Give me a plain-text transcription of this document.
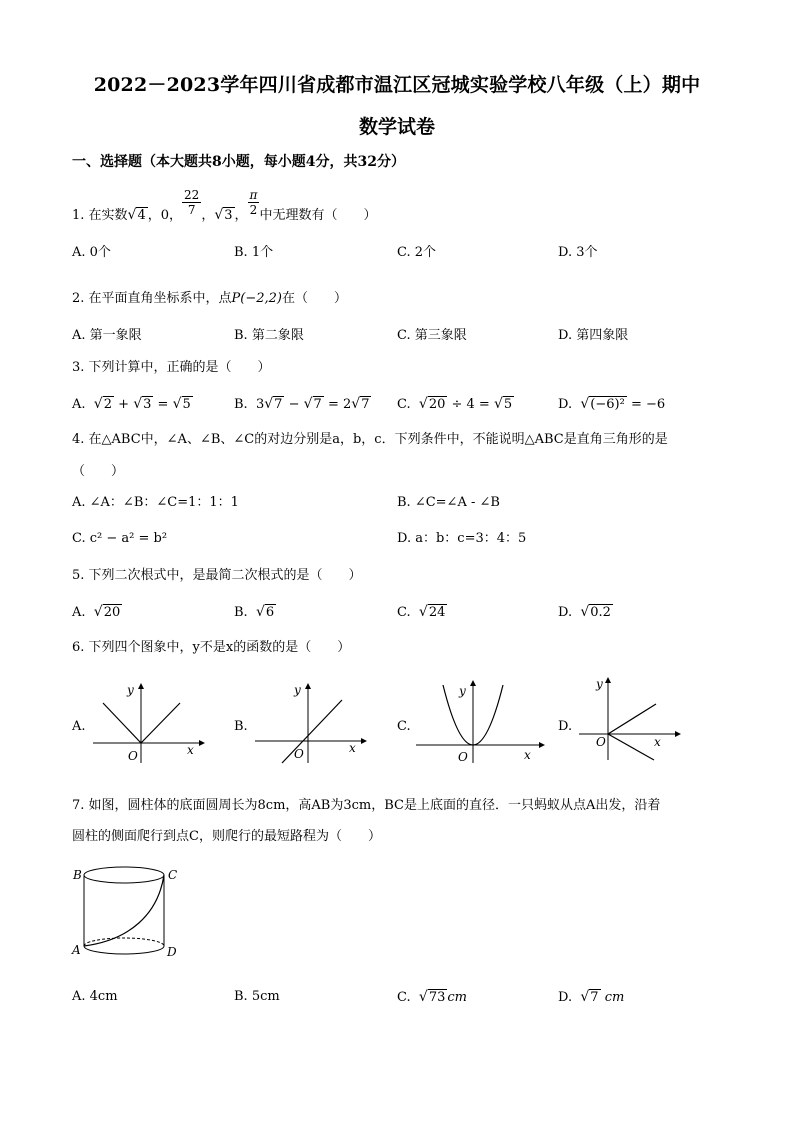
2022－2023学年四川省成都市温江区冠城实验学校八年级（上）期中
数学试卷
一、选择题（本大题共8小题，每小题4分，共32分）
1. 在实数√4 ，0， $\frac{22}{7}$ ，√3 ， $\frac{\pi}{2}$ 中无理数有（　　）
A. 0个	B. 1个	C. 2个	D. 3个
2. 在平面直角坐标系中，点P(−2,2)在（　　）
A. 第一象限	B. 第二象限	C. 第三象限	D. 第四象限
3. 下列计算中，正确的是（　　）
A. √2 + √3 = √5	B. 3√7 − √7 = 2√7 C. √20 ÷ 4 = √5	D. √(−6)² = −6
4. 在△ABC中，∠A、∠B、∠C的对边分别是a，b，c．下列条件中，不能说明△ABC是直角三角形的是
（　　）
A. ∠A：∠B：∠C=1：1：1	B. ∠C=∠A - ∠B
C. c² − a² = b²	D. a：b：c=3：4：5
5. 下列二次根式中，是最简二次根式的是（　　）
A. √20	B. √6	C. √24	D. √0.2
6. 下列四个图象中，y不是x的函数的是（　　）
A.
y
x
O
B.
y
x
O
C.
y
x
O
D.
y
x
O
7. 如图，圆柱体的底面圆周长为8cm，高AB为3cm，BC是上底面的直径．一只蚂蚁从点A出发，沿着
圆柱的侧面爬行到点C，则爬行的最短路程为（　　）
B	C
A	D
A. 4cm	B. 5cm	C. √73 cm	D. √7 cm
